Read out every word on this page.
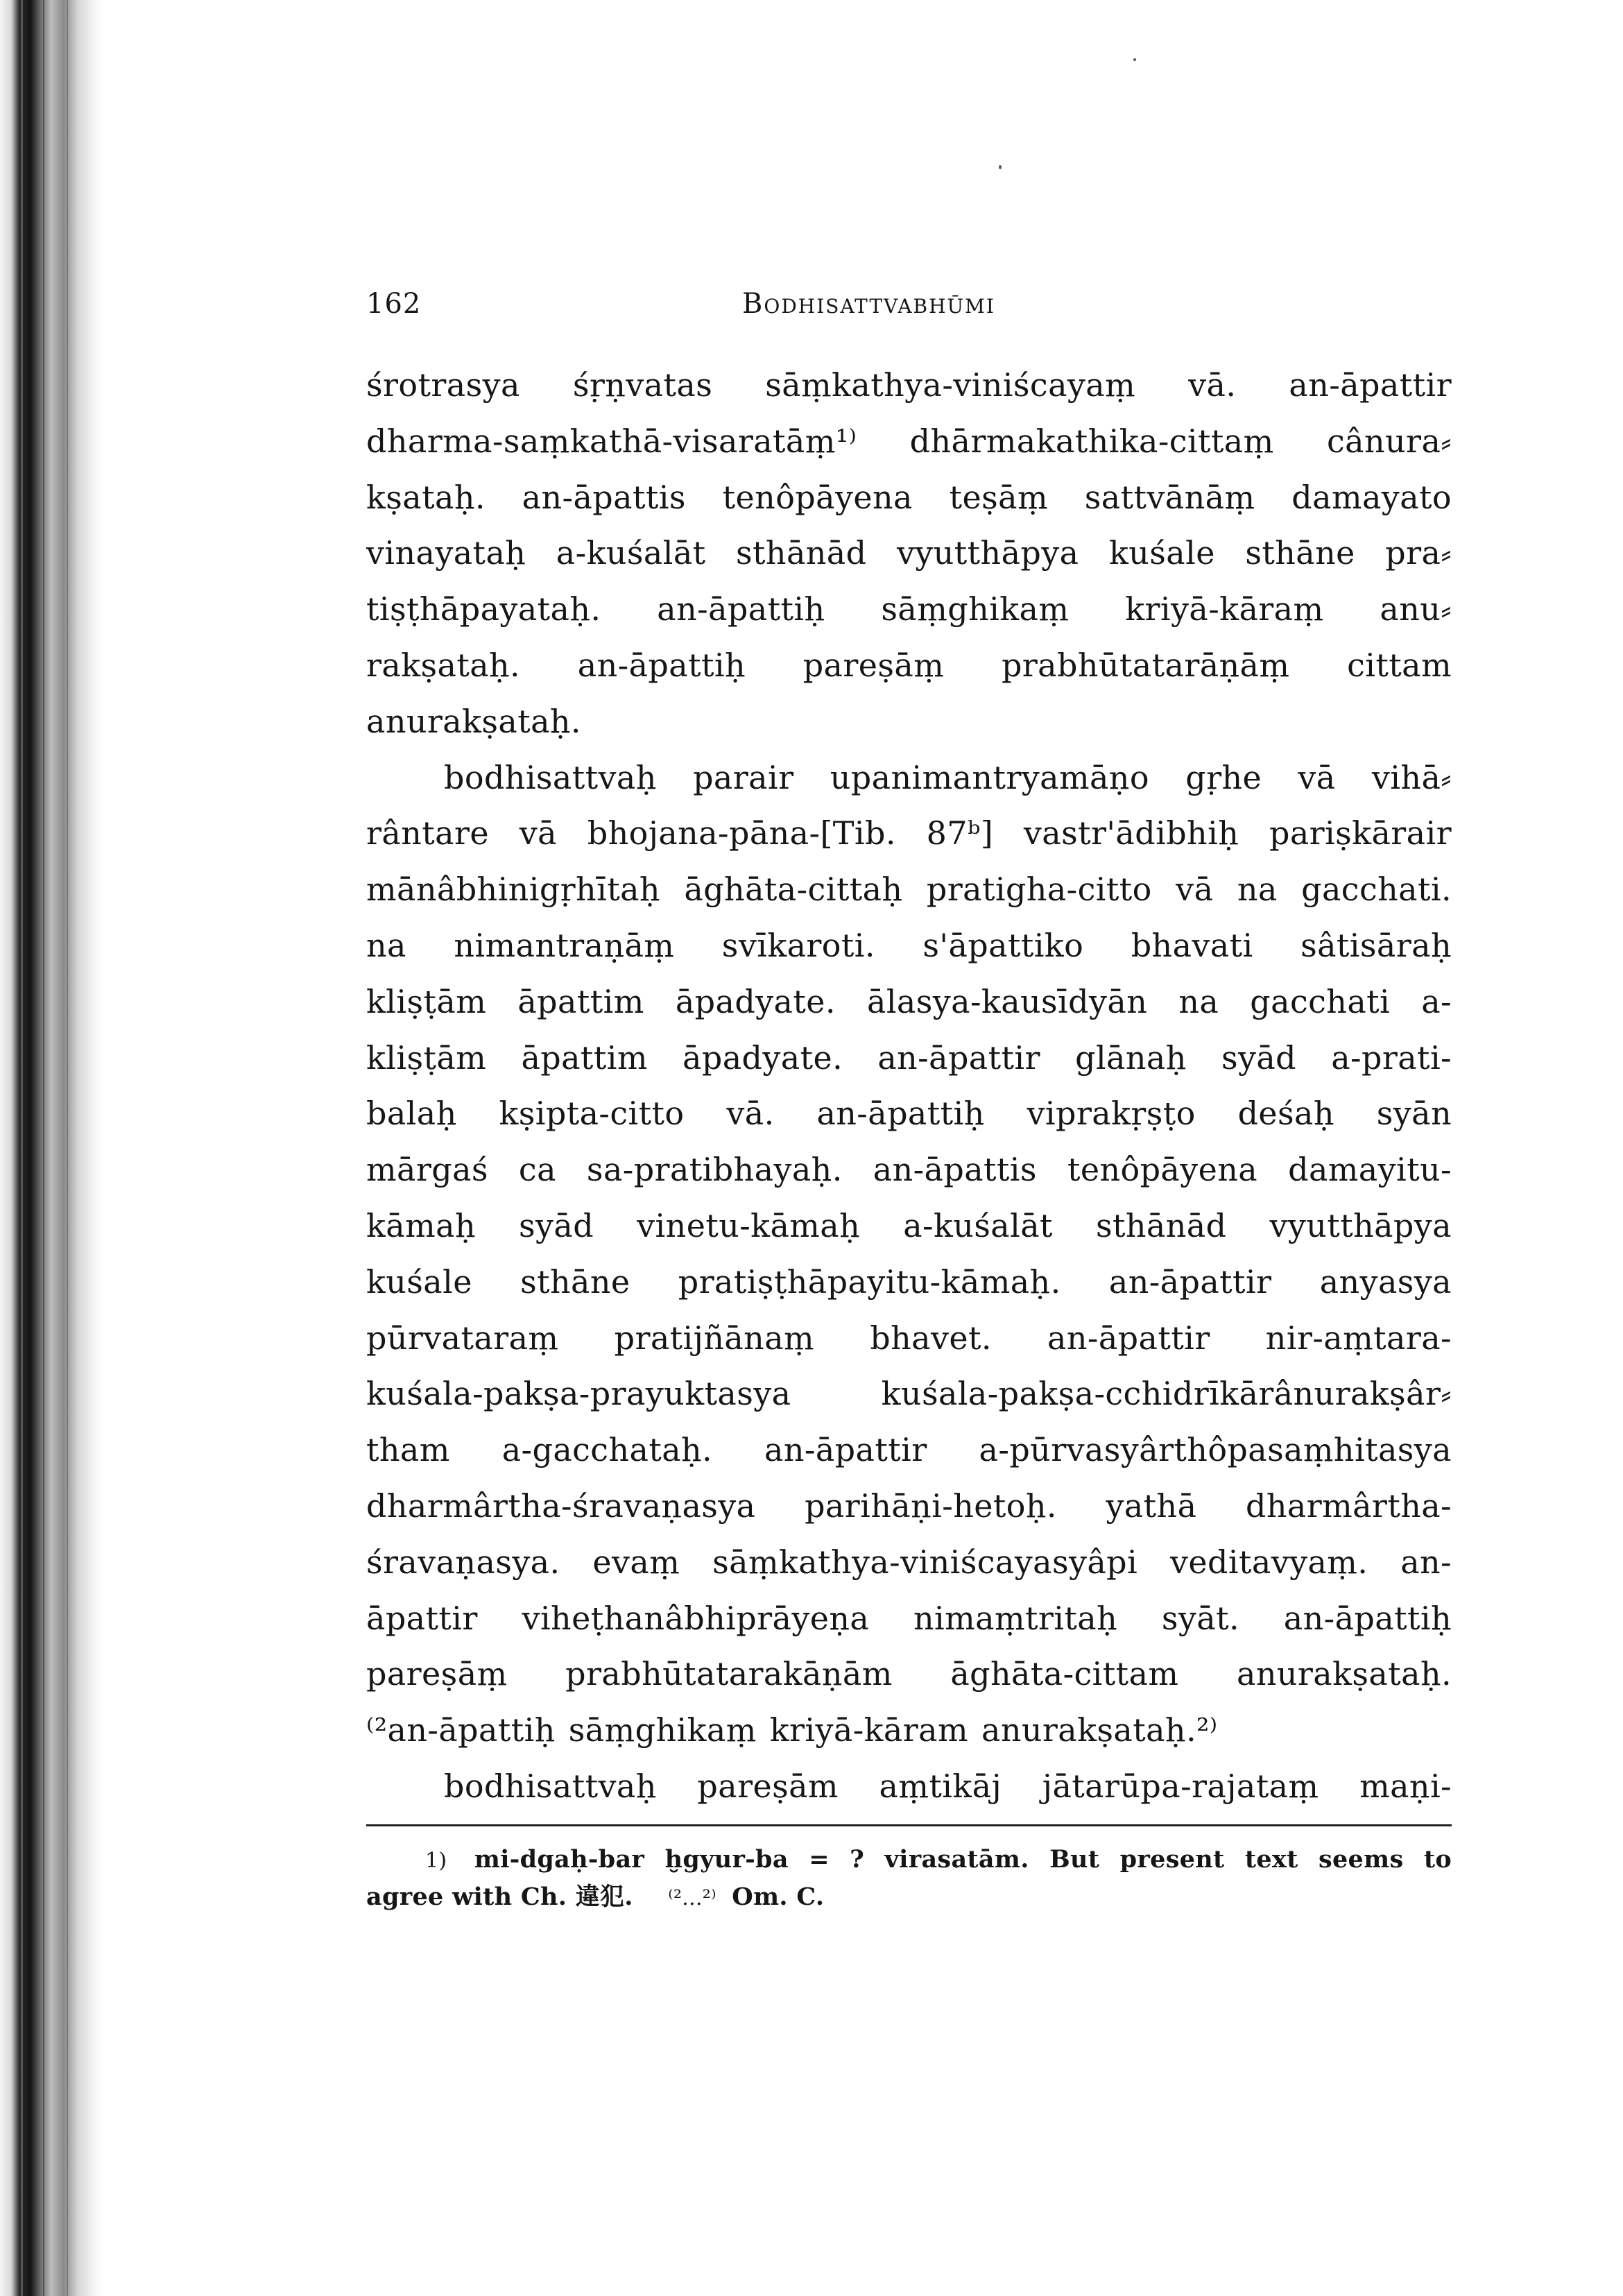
162	Bodhisattvabhūmi
śrotrasya śṛṇvatas sāṃkathya-viniścayaṃ vā. an-āpattir
dharma-saṃkathā-visaratāṃ¹⁾ dhārmakathika-cittaṃ cânura⸗
kṣataḥ. an-āpattis tenôpāyena teṣāṃ sattvānāṃ damayato
vinayataḥ a-kuśalāt sthānād vyutthāpya kuśale sthāne pra⸗
tiṣṭhāpayataḥ. an-āpattiḥ sāṃghikaṃ kriyā-kāraṃ anu⸗
rakṣataḥ. an-āpattiḥ pareṣāṃ prabhūtatarāṇāṃ cittam
anurakṣataḥ.
bodhisattvaḥ parair upanimantryamāṇo gṛhe vā vihā⸗
rântare vā bhojana-pāna-[Tib. 87ᵇ] vastr'ādibhiḥ pariṣkārair
mānâbhinigṛhītaḥ āghāta-cittaḥ pratigha-citto vā na gacchati.
na nimantraṇāṃ svīkaroti. s'āpattiko bhavati sâtisāraḥ
kliṣṭām āpattim āpadyate. ālasya-kausīdyān na gacchati a-
kliṣṭām āpattim āpadyate. an-āpattir glānaḥ syād a-prati-
balaḥ kṣipta-citto vā. an-āpattiḥ viprakṛṣṭo deśaḥ syān
mārgaś ca sa-pratibhayaḥ. an-āpattis tenôpāyena damayitu-
kāmaḥ syād vinetu-kāmaḥ a-kuśalāt sthānād vyutthāpya
kuśale sthāne pratiṣṭhāpayitu-kāmaḥ. an-āpattir anyasya
pūrvataraṃ pratijñānaṃ bhavet. an-āpattir nir-aṃtara-
kuśala-pakṣa-prayuktasya kuśala-pakṣa-cchidrīkārânurakṣâr⸗
tham a-gacchataḥ. an-āpattir a-pūrvasyârthôpasaṃhitasya
dharmârtha-śravaṇasya parihāṇi-hetoḥ. yathā dharmârtha-
śravaṇasya. evaṃ sāṃkathya-viniścayasyâpi veditavyaṃ. an-
āpattir viheṭhanâbhiprāyeṇa nimaṃtritaḥ syāt. an-āpattiḥ
pareṣāṃ prabhūtatarakāṇām āghāta-cittam anurakṣataḥ.
⁽²an-āpattiḥ sāṃghikaṃ kriyā-kāram anurakṣataḥ.²⁾
bodhisattvaḥ pareṣām aṃtikāj jātarūpa-rajataṃ maṇi-
1) mi-dgaḥ-bar ḫgyur-ba = ? virasatām. But present text seems to
agree with Ch. 違犯. ⁽²...²⁾ Om. C.
